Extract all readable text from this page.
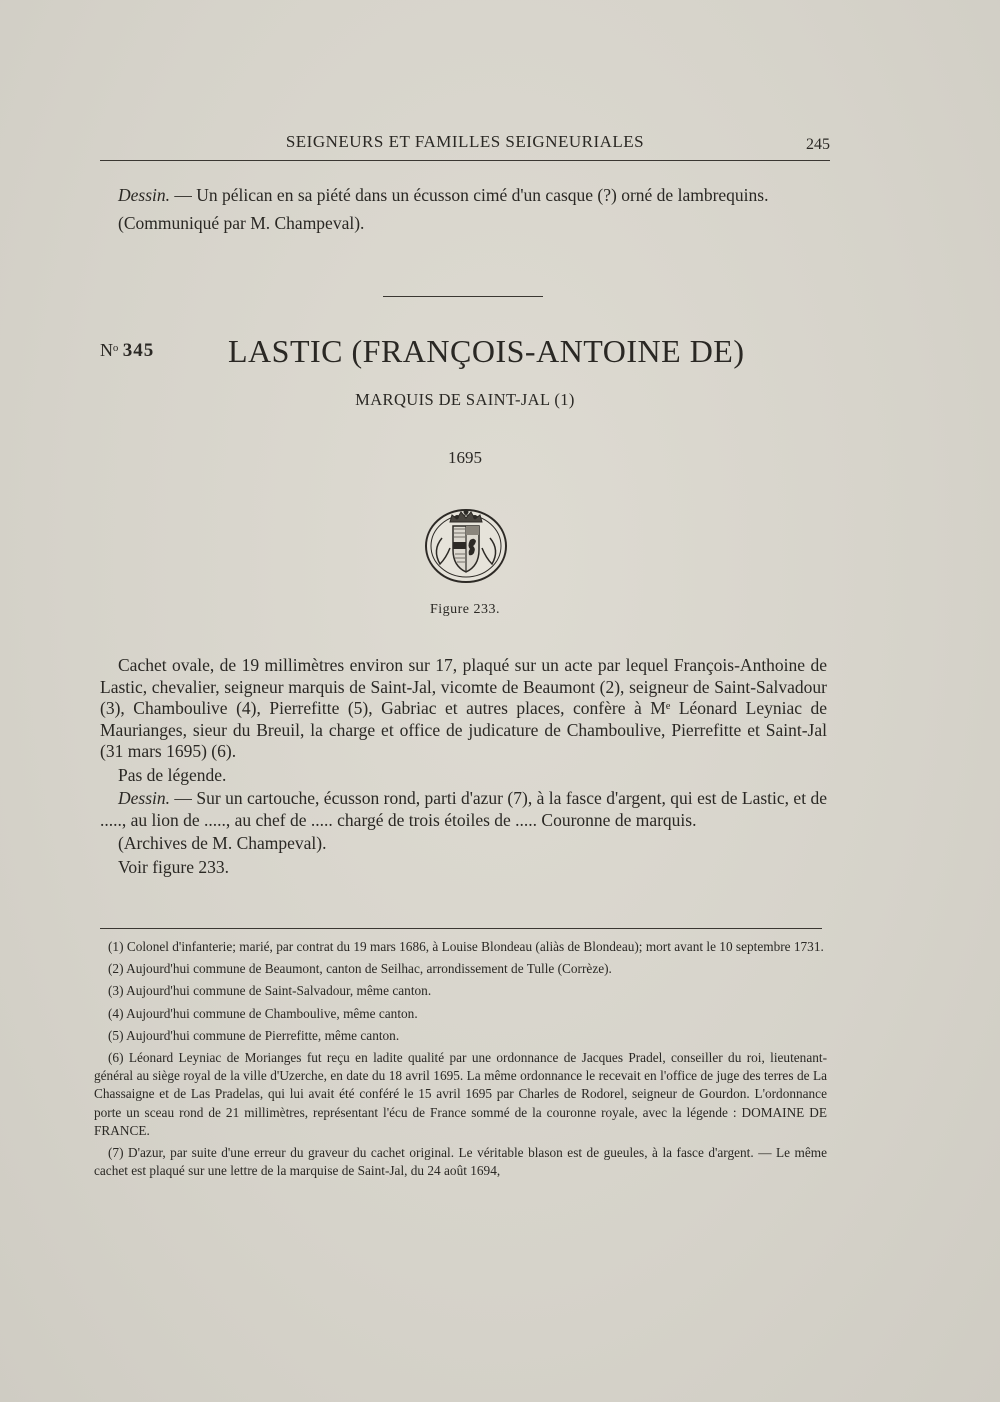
SEIGNEURS ET FAMILLES SEIGNEURIALES	245

Dessin. — Un pélican en sa piété dans un écusson cimé d'un casque (?) orné de lambrequins.

(Communiqué par M. Champeval).

Nᵒ 345 LASTIC (FRANÇOIS-ANTOINE DE)
MARQUIS DE SAINT-JAL (1)
1695
Figure 233.

Cachet ovale, de 19 millimètres environ sur 17, plaqué sur un acte par lequel François-Anthoine de Lastic, chevalier, seigneur marquis de Saint-Jal, vicomte de Beaumont (2), seigneur de Saint-Salvadour (3), Chamboulive (4), Pierrefitte (5), Gabriac et autres places, confère à Mᵉ Léonard Leyniac de Maurianges, sieur du Breuil, la charge et office de judicature de Chamboulive, Pierrefitte et Saint-Jal (31 mars 1695) (6).

Pas de légende.

Dessin. — Sur un cartouche, écusson rond, parti d'azur (7), à la fasce d'argent, qui est de Lastic, et de ....., au lion de ....., au chef de ..... chargé de trois étoiles de ..... Couronne de marquis.

(Archives de M. Champeval).

Voir figure 233.

(1) Colonel d'infanterie; marié, par contrat du 19 mars 1686, à Louise Blondeau (aliàs de Blondeau); mort avant le 10 septembre 1731.

(2) Aujourd'hui commune de Beaumont, canton de Seilhac, arrondissement de Tulle (Corrèze).

(3) Aujourd'hui commune de Saint-Salvadour, même canton.

(4) Aujourd'hui commune de Chamboulive, même canton.

(5) Aujourd'hui commune de Pierrefitte, même canton.

(6) Léonard Leyniac de Morianges fut reçu en ladite qualité par une ordonnance de Jacques Pradel, conseiller du roi, lieutenant-général au siège royal de la ville d'Uzerche, en date du 18 avril 1695. La même ordonnance le recevait en l'office de juge des terres de La Chassaigne et de Las Pradelas, qui lui avait été conféré le 15 avril 1695 par Charles de Rodorel, seigneur de Gourdon. L'ordonnance porte un sceau rond de 21 millimètres, représentant l'écu de France sommé de la couronne royale, avec la légende : DOMAINE DE FRANCE.

(7) D'azur, par suite d'une erreur du graveur du cachet original. Le véritable blason est de gueules, à la fasce d'argent. — Le même cachet est plaqué sur une lettre de la marquise de Saint-Jal, du 24 août 1694,
